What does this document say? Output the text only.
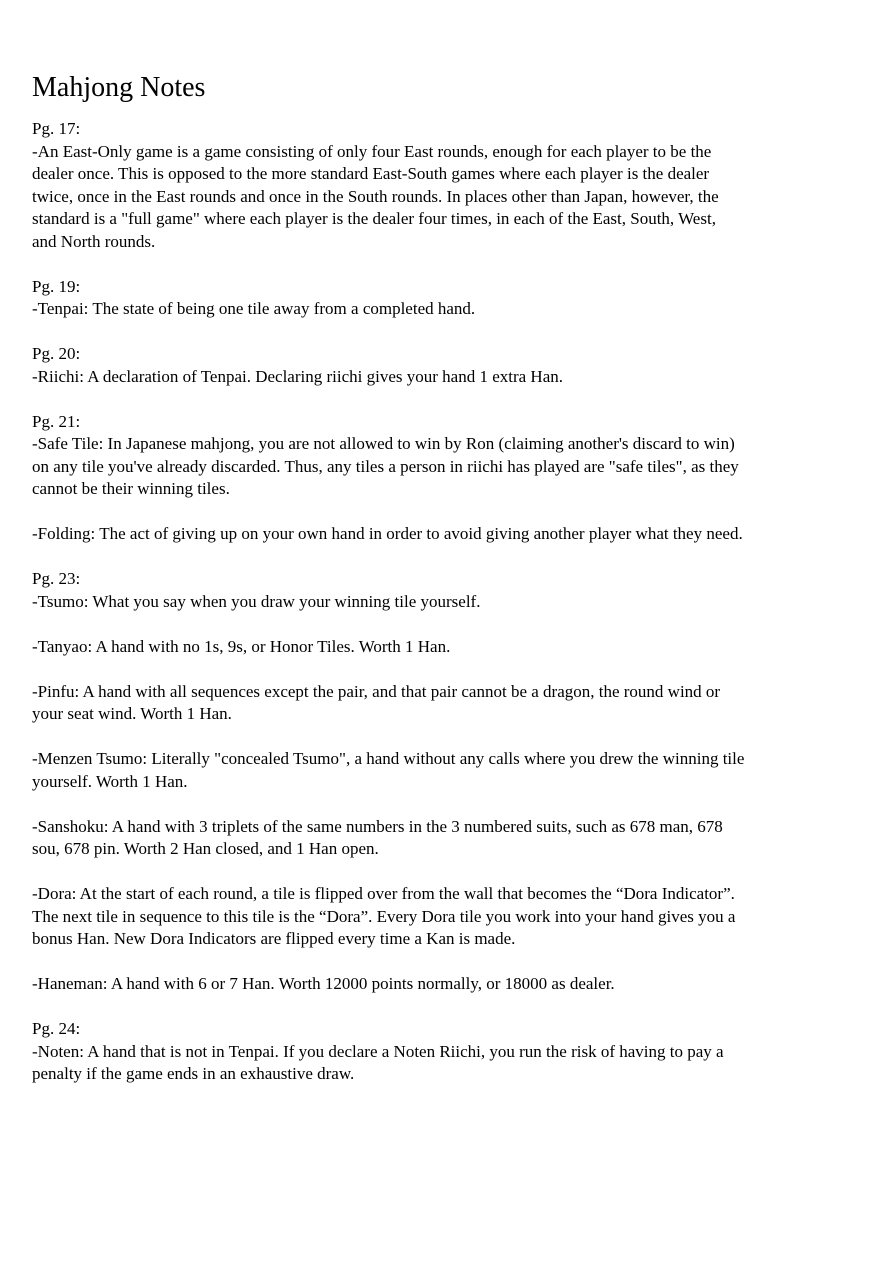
Mahjong Notes

Pg. 17:
-An East-Only game is a game consisting of only four East rounds, enough for each player to be the
dealer once. This is opposed to the more standard East-South games where each player is the dealer
twice, once in the East rounds and once in the South rounds. In places other than Japan, however, the
standard is a "full game" where each player is the dealer four times, in each of the East, South, West,
and North rounds.

Pg. 19:
-Tenpai: The state of being one tile away from a completed hand.

Pg. 20:
-Riichi: A declaration of Tenpai. Declaring riichi gives your hand 1 extra Han.

Pg. 21:
-Safe Tile: In Japanese mahjong, you are not allowed to win by Ron (claiming another's discard to win)
on any tile you've already discarded. Thus, any tiles a person in riichi has played are "safe tiles", as they
cannot be their winning tiles.

-Folding: The act of giving up on your own hand in order to avoid giving another player what they need.

Pg. 23:
-Tsumo: What you say when you draw your winning tile yourself.

-Tanyao: A hand with no 1s, 9s, or Honor Tiles. Worth 1 Han.

-Pinfu: A hand with all sequences except the pair, and that pair cannot be a dragon, the round wind or
your seat wind. Worth 1 Han.

-Menzen Tsumo: Literally "concealed Tsumo", a hand without any calls where you drew the winning tile
yourself. Worth 1 Han.

-Sanshoku: A hand with 3 triplets of the same numbers in the 3 numbered suits, such as 678 man, 678
sou, 678 pin. Worth 2 Han closed, and 1 Han open.

-Dora: At the start of each round, a tile is flipped over from the wall that becomes the “Dora Indicator”.
The next tile in sequence to this tile is the “Dora”. Every Dora tile you work into your hand gives you a
bonus Han. New Dora Indicators are flipped every time a Kan is made.

-Haneman: A hand with 6 or 7 Han. Worth 12000 points normally, or 18000 as dealer.

Pg. 24:
-Noten: A hand that is not in Tenpai. If you declare a Noten Riichi, you run the risk of having to pay a
penalty if the game ends in an exhaustive draw.
